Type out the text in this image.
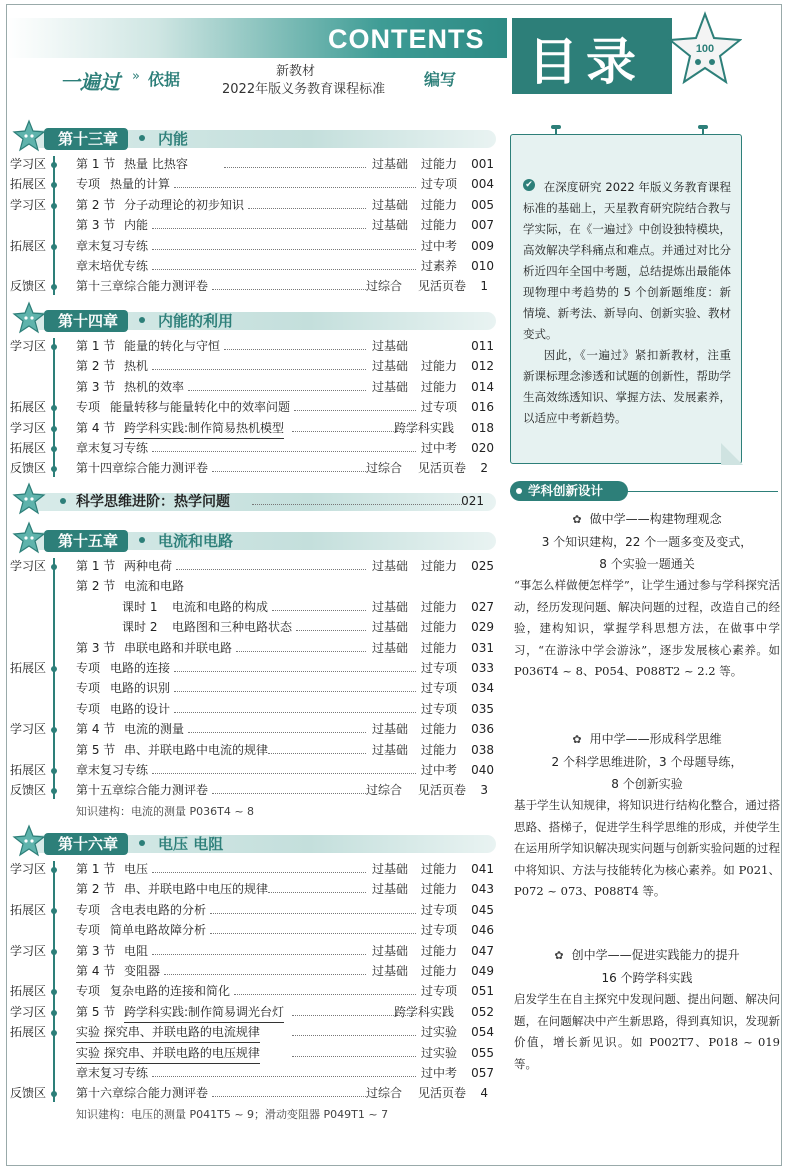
CONTENTS 目录	100
一遍过 » 依据	新教材
2022年版义务教育课程标准
编写
第十三章	内能
学习区 第 1 节 热量 比热容	过基础 过能力 001
拓展区 专项 热量的计算	过专项 004
学习区 第 2 节 分子动理论的初步知识	过基础 过能力 005
第 3 节 内能	过基础 过能力 007
拓展区 章末复习专练	过中考 009
章末培优专练	过素养 010
反馈区 第十三章综合能力测评卷	过综合 见活页卷 1
第十四章	内能的利用
学习区 第 1 节 能量的转化与守恒	过基础	011
第 2 节 热机	过基础 过能力 012
第 3 节 热机的效率	过基础 过能力 014
拓展区 专项 能量转移与能量转化中的效率问题	过专项 016
学习区 第 4 节 跨学科实践:制作简易热机模型	跨学科实践 018
拓展区 章末复习专练	过中考 020
反馈区 第十四章综合能力测评卷	过综合 见活页卷 2
科学思维进阶：热学问题	021
第十五章	电流和电路
学习区 第 1 节 两种电荷	过基础 过能力 025
第 2 节 电流和电路
课时 1 电流和电路的构成	过基础 过能力 027
课时 2 电路图和三种电路状态	过基础 过能力 029
第 3 节 串联电路和并联电路	过基础 过能力 031
拓展区 专项 电路的连接	过专项 033
专项 电路的识别	过专项 034
专项 电路的设计	过专项 035
学习区 第 4 节 电流的测量	过基础 过能力 036
第 5 节 串、并联电路中电流的规律	过基础 过能力 038
拓展区 章末复习专练	过中考 040
反馈区 第十五章综合能力测评卷	过综合 见活页卷 3
知识建构：电流的测量 P036T4 ~ 8
第十六章	电压 电阻
学习区 第 1 节 电压	过基础 过能力 041
第 2 节 串、并联电路中电压的规律	过基础 过能力 043
拓展区 专项 含电表电路的分析	过专项 045
专项 简单电路故障分析	过专项 046
学习区 第 3 节 电阻	过基础 过能力 047
第 4 节 变阻器	过基础 过能力 049
拓展区 专项 复杂电路的连接和简化	过专项 051
学习区 第 5 节 跨学科实践:制作简易调光台灯	跨学科实践 052
拓展区 实验 探究串、并联电路的电流规律	过实验 054
实验 探究串、并联电路的电压规律	过实验 055
章末复习专练	过中考 057
反馈区 第十六章综合能力测评卷	过综合 见活页卷 4
知识建构：电压的测量 P041T5 ~ 9；滑动变阻器 P049T1 ~ 7
✔ 在深度研究 2022 年版义务教育课程标准的基础上，天星教育研究院结合教与学实际，在《一遍过》中创设独特模块，高效解决学科痛点和难点。并通过对比分析近四年全国中考题，总结提炼出最能体现物理中考趋势的 5 个创新题维度：新情境、新考法、新导向、创新实验、教材变式。

因此，《一遍过》紧扣新教材，注重新课标理念渗透和试题的创新性，帮助学生高效练透知识、掌握方法、发展素养，以适应中考新趋势。

学科创新设计
✿ 做中学——构建物理观念
3 个知识建构，22 个一题多变及变式，
8 个实验一题通关
“事怎么样做便怎样学”，让学生通过参与学科探究活动，经历发现问题、解决问题的过程，改造自己的经验，建构知识，掌握学科思想方法，在做事中学习，“在游泳中学会游泳”，逐步发展核心素养。如 P036T4 ~ 8、P054、P088T2 ~ 2.2 等。
✿ 用中学——形成科学思维
2 个科学思维进阶，3 个母题导练，
8 个创新实验
基于学生认知规律，将知识进行结构化整合，通过搭思路、搭梯子，促进学生科学思维的形成，并使学生在运用所学知识解决现实问题与创新实验问题的过程中将知识、方法与技能转化为核心素养。如 P021、P072 ~ 073、P088T4 等。
✿ 创中学——促进实践能力的提升
16 个跨学科实践
启发学生在自主探究中发现问题、提出问题、解决问题，在问题解决中产生新思路，得到真知识，发现新价值，增长新见识。如 P002T7、P018 ~ 019 等。
